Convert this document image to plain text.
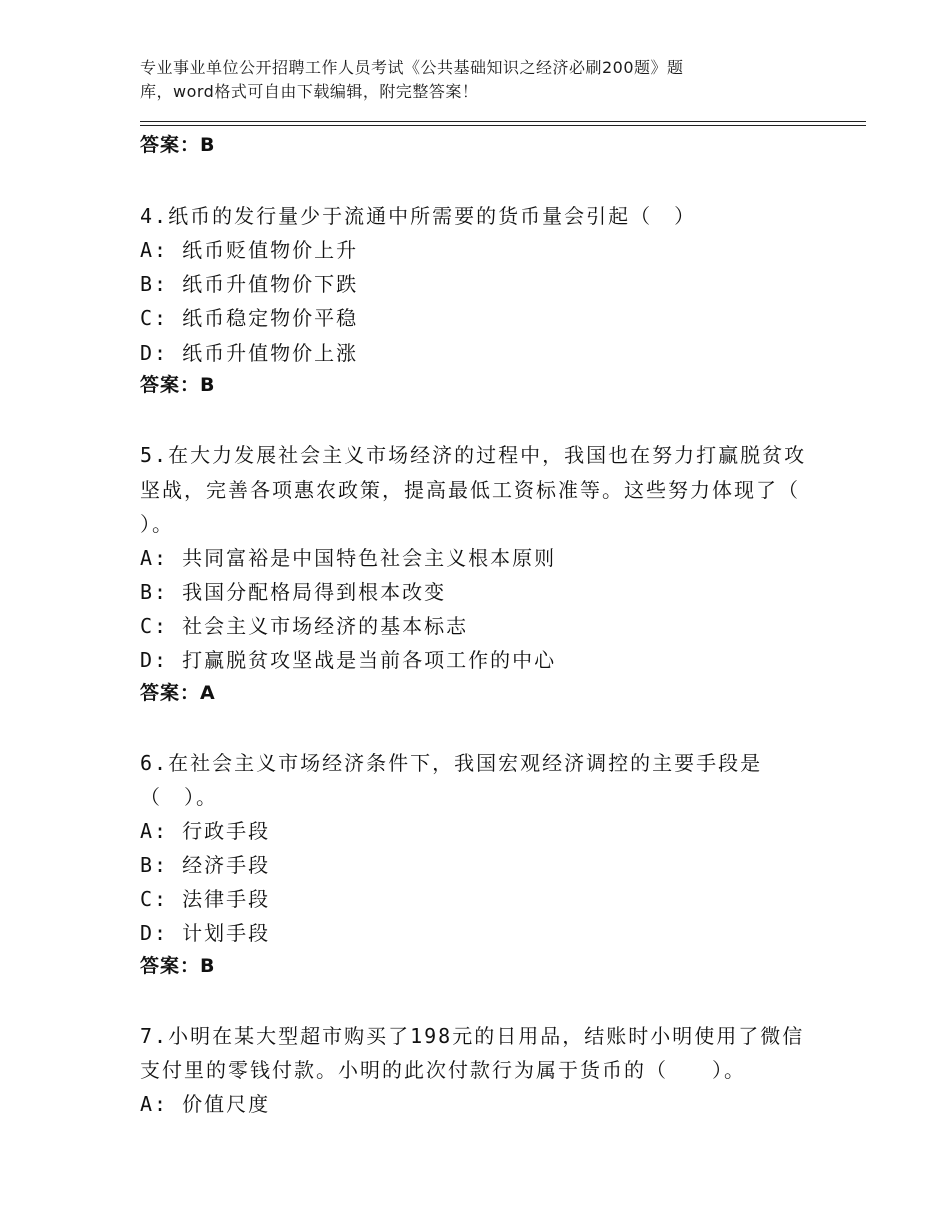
专业事业单位公开招聘工作人员考试《公共基础知识之经济必刷200题》题
库，word格式可自由下载编辑，附完整答案！
答案：B
4.纸币的发行量少于流通中所需要的货币量会引起（　）
A: 纸币贬值物价上升
B: 纸币升值物价下跌
C: 纸币稳定物价平稳
D: 纸币升值物价上涨
答案：B
5.在大力发展社会主义市场经济的过程中，我国也在努力打赢脱贫攻
坚战，完善各项惠农政策，提高最低工资标准等。这些努力体现了（
）。
A: 共同富裕是中国特色社会主义根本原则
B: 我国分配格局得到根本改变
C: 社会主义市场经济的基本标志
D: 打赢脱贫攻坚战是当前各项工作的中心
答案：A
6.在社会主义市场经济条件下，我国宏观经济调控的主要手段是
（　）。
A: 行政手段
B: 经济手段
C: 法律手段
D: 计划手段
答案：B
7.小明在某大型超市购买了198元的日用品，结账时小明使用了微信
支付里的零钱付款。小明的此次付款行为属于货币的（　　）。
A: 价值尺度
